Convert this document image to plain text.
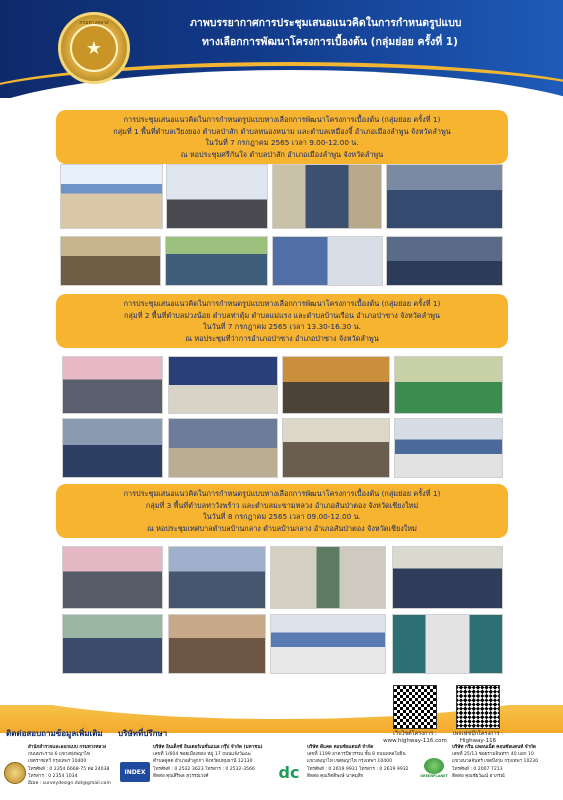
กรมทางหลวง
★
ภาพบรรยากาศการประชุมเสนอแนวคิดในการกำหนดรูปแบบ
ทางเลือกการพัฒนาโครงการเบื้องต้น (กลุ่มย่อย ครั้งที่ 1)
การประชุมเสนอแนวคิดในการกำหนดรูปแบบทางเลือกการพัฒนาโครงการเบื้องต้น (กลุ่มย่อย ครั้งที่ 1)
กลุ่มที่ 1 พื้นที่ตำบลเวียงยอง ตำบลป่าสัก ตำบลหนองหนาม และตำบลเหมืองจี้ อำเภอเมืองลำพูน จังหวัดลำพูน
ในวันที่ 7 กรกฎาคม 2565 เวลา 9.00-12.00 น.
ณ หอประชุมศรีกันใจ ตำบลป่าสัก อำเภอเมืองลำพูน จังหวัดลำพูน
การประชุมเสนอแนวคิดในการกำหนดรูปแบบทางเลือกการพัฒนาโครงการเบื้องต้น (กลุ่มย่อย ครั้งที่ 1)
กลุ่มที่ 2 พื้นที่ตำบลม่วงน้อย ตำบลท่าตุ้ม ตำบลแม่แรง และตำบลบ้านเรือน อำเภอป่าซาง จังหวัดลำพูน
ในวันที่ 7 กรกฎาคม 2565 เวลา 13.30-16.30 น.
ณ หอประชุมที่ว่าการอำเภอป่าซาง อำเภอป่าซาง จังหวัดลำพูน
การประชุมเสนอแนวคิดในการกำหนดรูปแบบทางเลือกการพัฒนาโครงการเบื้องต้น (กลุ่มย่อย ครั้งที่ 1)
กลุ่มที่ 3 พื้นที่ตำบลท่าวังพร้าว และตำบลมะขามหลวง อำเภอสันป่าตอง จังหวัดเชียงใหม่
ในวันที่ 8 กรกฎาคม 2565 เวลา 09.00-12.00 น.
ณ หอประชุมเทศบาลตำบลบ้านกลาง ตำบลบ้านกลาง อำเภอสันป่าตอง จังหวัดเชียงใหม่
เว็บไซต์โครงการ :
www.highway-116.com
เพจเฟซบุ๊กโครงการ :
Highway-116
ติดต่อสอบถามข้อมูลเพิ่มเติม บริษัทที่ปรึกษา
สำนักสำรวจและออกแบบ กรมทางหลวง
ถนนพระราม 6 แขวงทุ่งพญาไท
เขตราชเทวี กรุงเทพฯ 10400
โทรศัพท์ : 0 2354 6668-75 ต่อ 24038
โทรสาร : 0 2354 1034
อีเมล : surveydesign.dot@gmail.com
INDEX
บริษัท อินเด็กซ์ อินเตอร์เนชั่นแนล กรุ๊ป จำกัด (มหาชน)
เลขที่ 1/604 ซอยเมืองทอง หมู่ 17 ถนนแจ้งวัฒนะ
ตำบลคูคต อำเภอลำลูกกา จังหวัดปทุมธานี 12130
โทรศัพท์ : 0 2532 3623 โทรสาร : 0 2532-3566
ติดต่อ คุณสิริพล สุวรรณวงศ์	dc
บริษัท ดีแคด คอนซัลแตนท์ จำกัด
เลขที่ 1199 อาคารปิยวรรณ ชั้น 8 ถนนพหลโยธิน
แขวงพญาไท เขตพญาไท กรุงเทพฯ 10400
โทรศัพท์ : 0 2619 9931 โทรสาร : 0 2619 9932
ติดต่อ คุณกิตติพงษ์ นาคมุสิก	GREENPLANET
บริษัท กรีน แพลนเน็ต คอนซัลแตนท์ จำกัด
เลขที่ 25/13 ซอยรามอินทรา 40 แยก 10
แขวงนวลจันทร์ เขตบึงกุ่ม กรุงเทพฯ 10230
โทรศัพท์ : 0 2007 7213
ติดต่อ คุณชัยวัฒน์ อาภรณ์
